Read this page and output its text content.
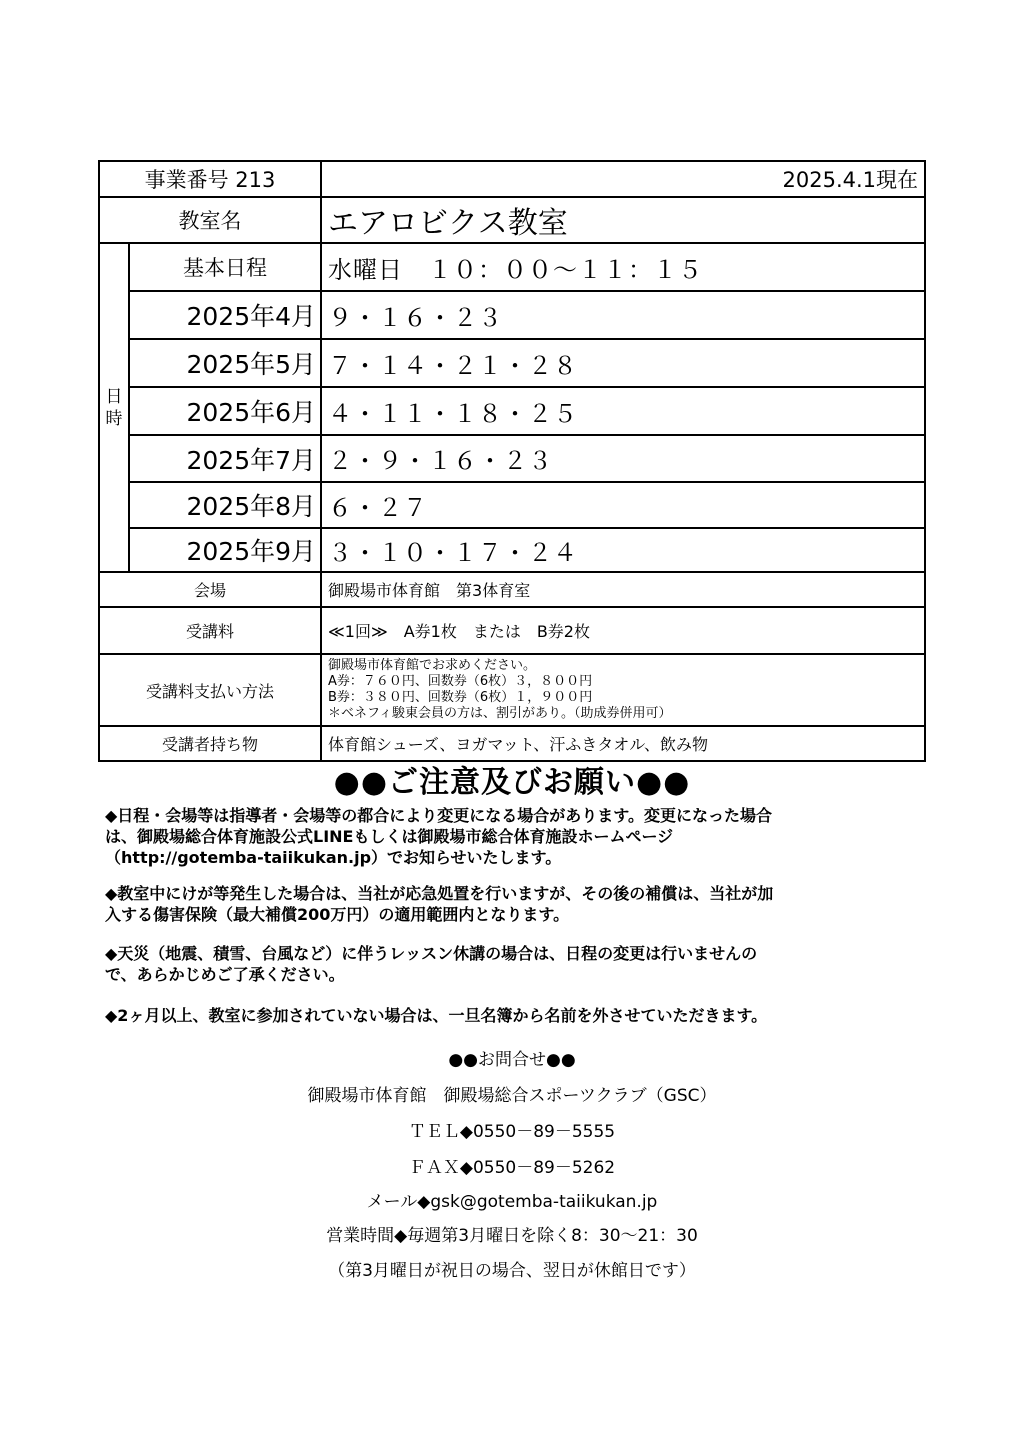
事業番号 213		2025.4.1現在
教室名		エアロビクス教室

日
時	基本日程	水曜日　１０：００～１１：１５
	2025年4月	９・１６・２３
	2025年5月	７・１４・２１・２８
	2025年6月	４・１１・１８・２５
	2025年7月	２・９・１６・２３
	2025年8月	６・２７
	2025年9月	３・１０・１７・２４
会場		御殿場市体育館　第3体育室
受講料		≪1回≫　A券1枚　または　B券2枚
受講料支払い方法		御殿場市体育館でお求めください。
A券：７６０円、回数券（6枚）３，８００円
B券：３８０円、回数券（6枚）１，９００円
＊ベネフィ駿東会員の方は、割引があり。（助成券併用可）

受講者持ち物		体育館シューズ、ヨガマット、汗ふきタオル、飲み物
●●ご注意及びお願い●●
◆日程・会場等は指導者・会場等の都合により変更になる場合があります。変更になった場合
は、御殿場総合体育施設公式LINEもしくは御殿場市総合体育施設ホームページ
（http://gotemba-taiikukan.jp）でお知らせいたします。
◆教室中にけが等発生した場合は、当社が応急処置を行いますが、その後の補償は、当社が加
入する傷害保険（最大補償200万円）の適用範囲内となります。
◆天災（地震、積雪、台風など）に伴うレッスン休講の場合は、日程の変更は行いませんの
で、あらかじめご了承ください。
◆2ヶ月以上、教室に参加されていない場合は、一旦名簿から名前を外させていただきます。
●●お問合せ●●
御殿場市体育館　御殿場総合スポーツクラブ（GSC）
ＴＥＬ◆0550－89－5555
ＦＡＸ◆0550－89－5262
メール◆gsk@gotemba-taiikukan.jp
営業時間◆毎週第3月曜日を除く8：30～21：30
（第3月曜日が祝日の場合、翌日が休館日です）
